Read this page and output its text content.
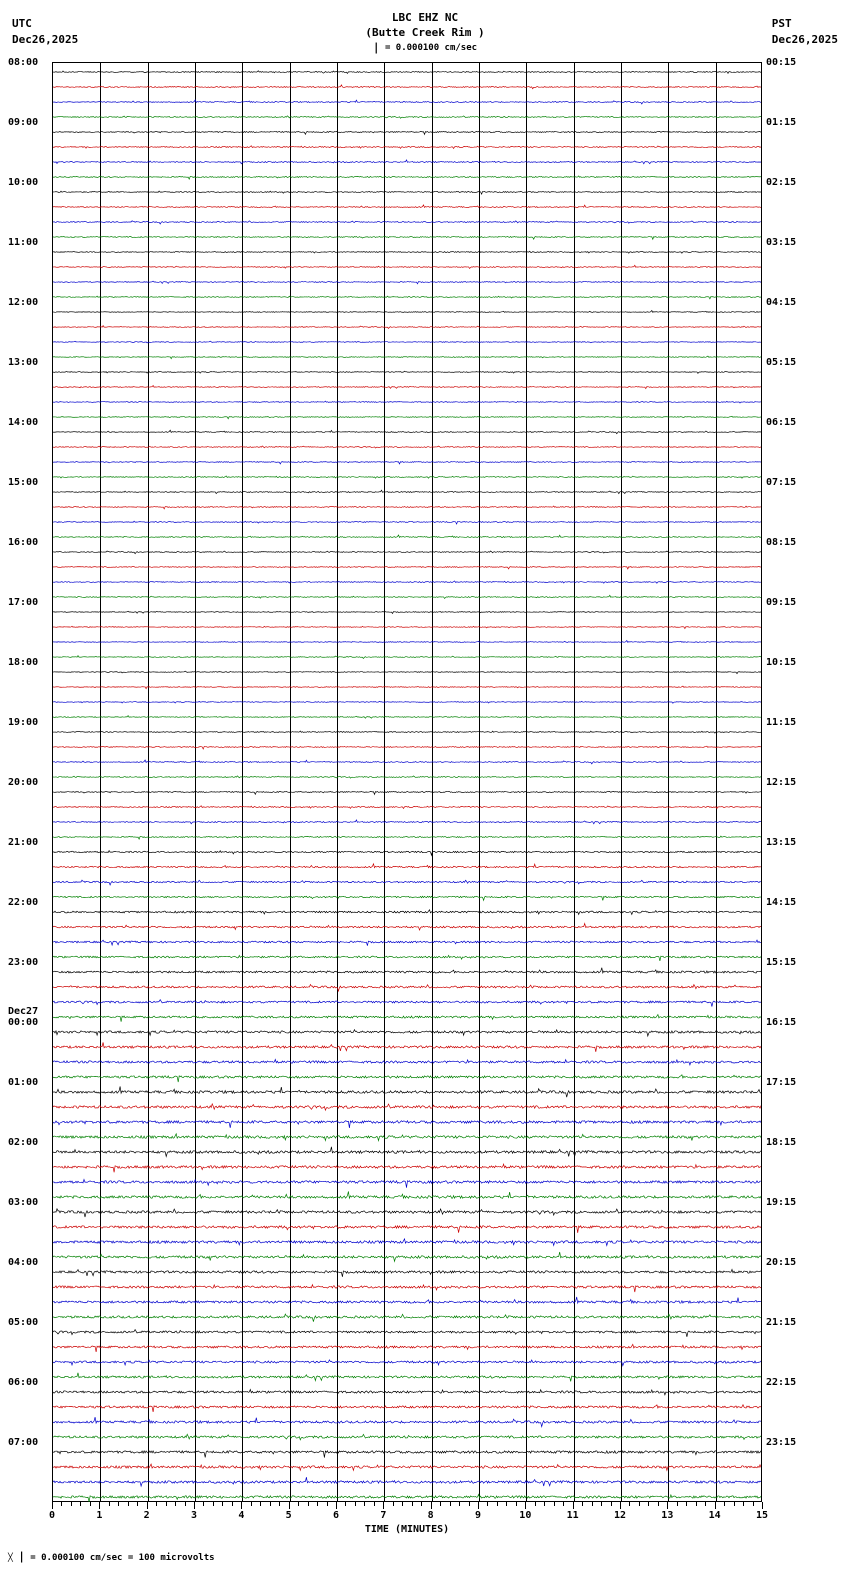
UTC
Dec26,2025
PST
Dec26,2025
LBC EHZ NC
(Butte Creek Rim )
∣ = 0.000100 cm/sec
0	1	2	3	4	5	6	7	8	9	10	11	12	13	14	15
TIME (MINUTES)
╳ ∣ = 0.000100 cm/sec = 100 microvolts
08:00	00:15
09:00	01:15
10:00	02:15
11:00	03:15
12:00	04:15
13:00	05:15
14:00	06:15
15:00	07:15
16:00	08:15
17:00	09:15
18:00	10:15
19:00	11:15
20:00	12:15
21:00	13:15
22:00	14:15
23:00	15:15
00:00	16:15
01:00	17:15
02:00	18:15
03:00	19:15
04:00	20:15
05:00	21:15
06:00	22:15
07:00	23:15
Dec27
